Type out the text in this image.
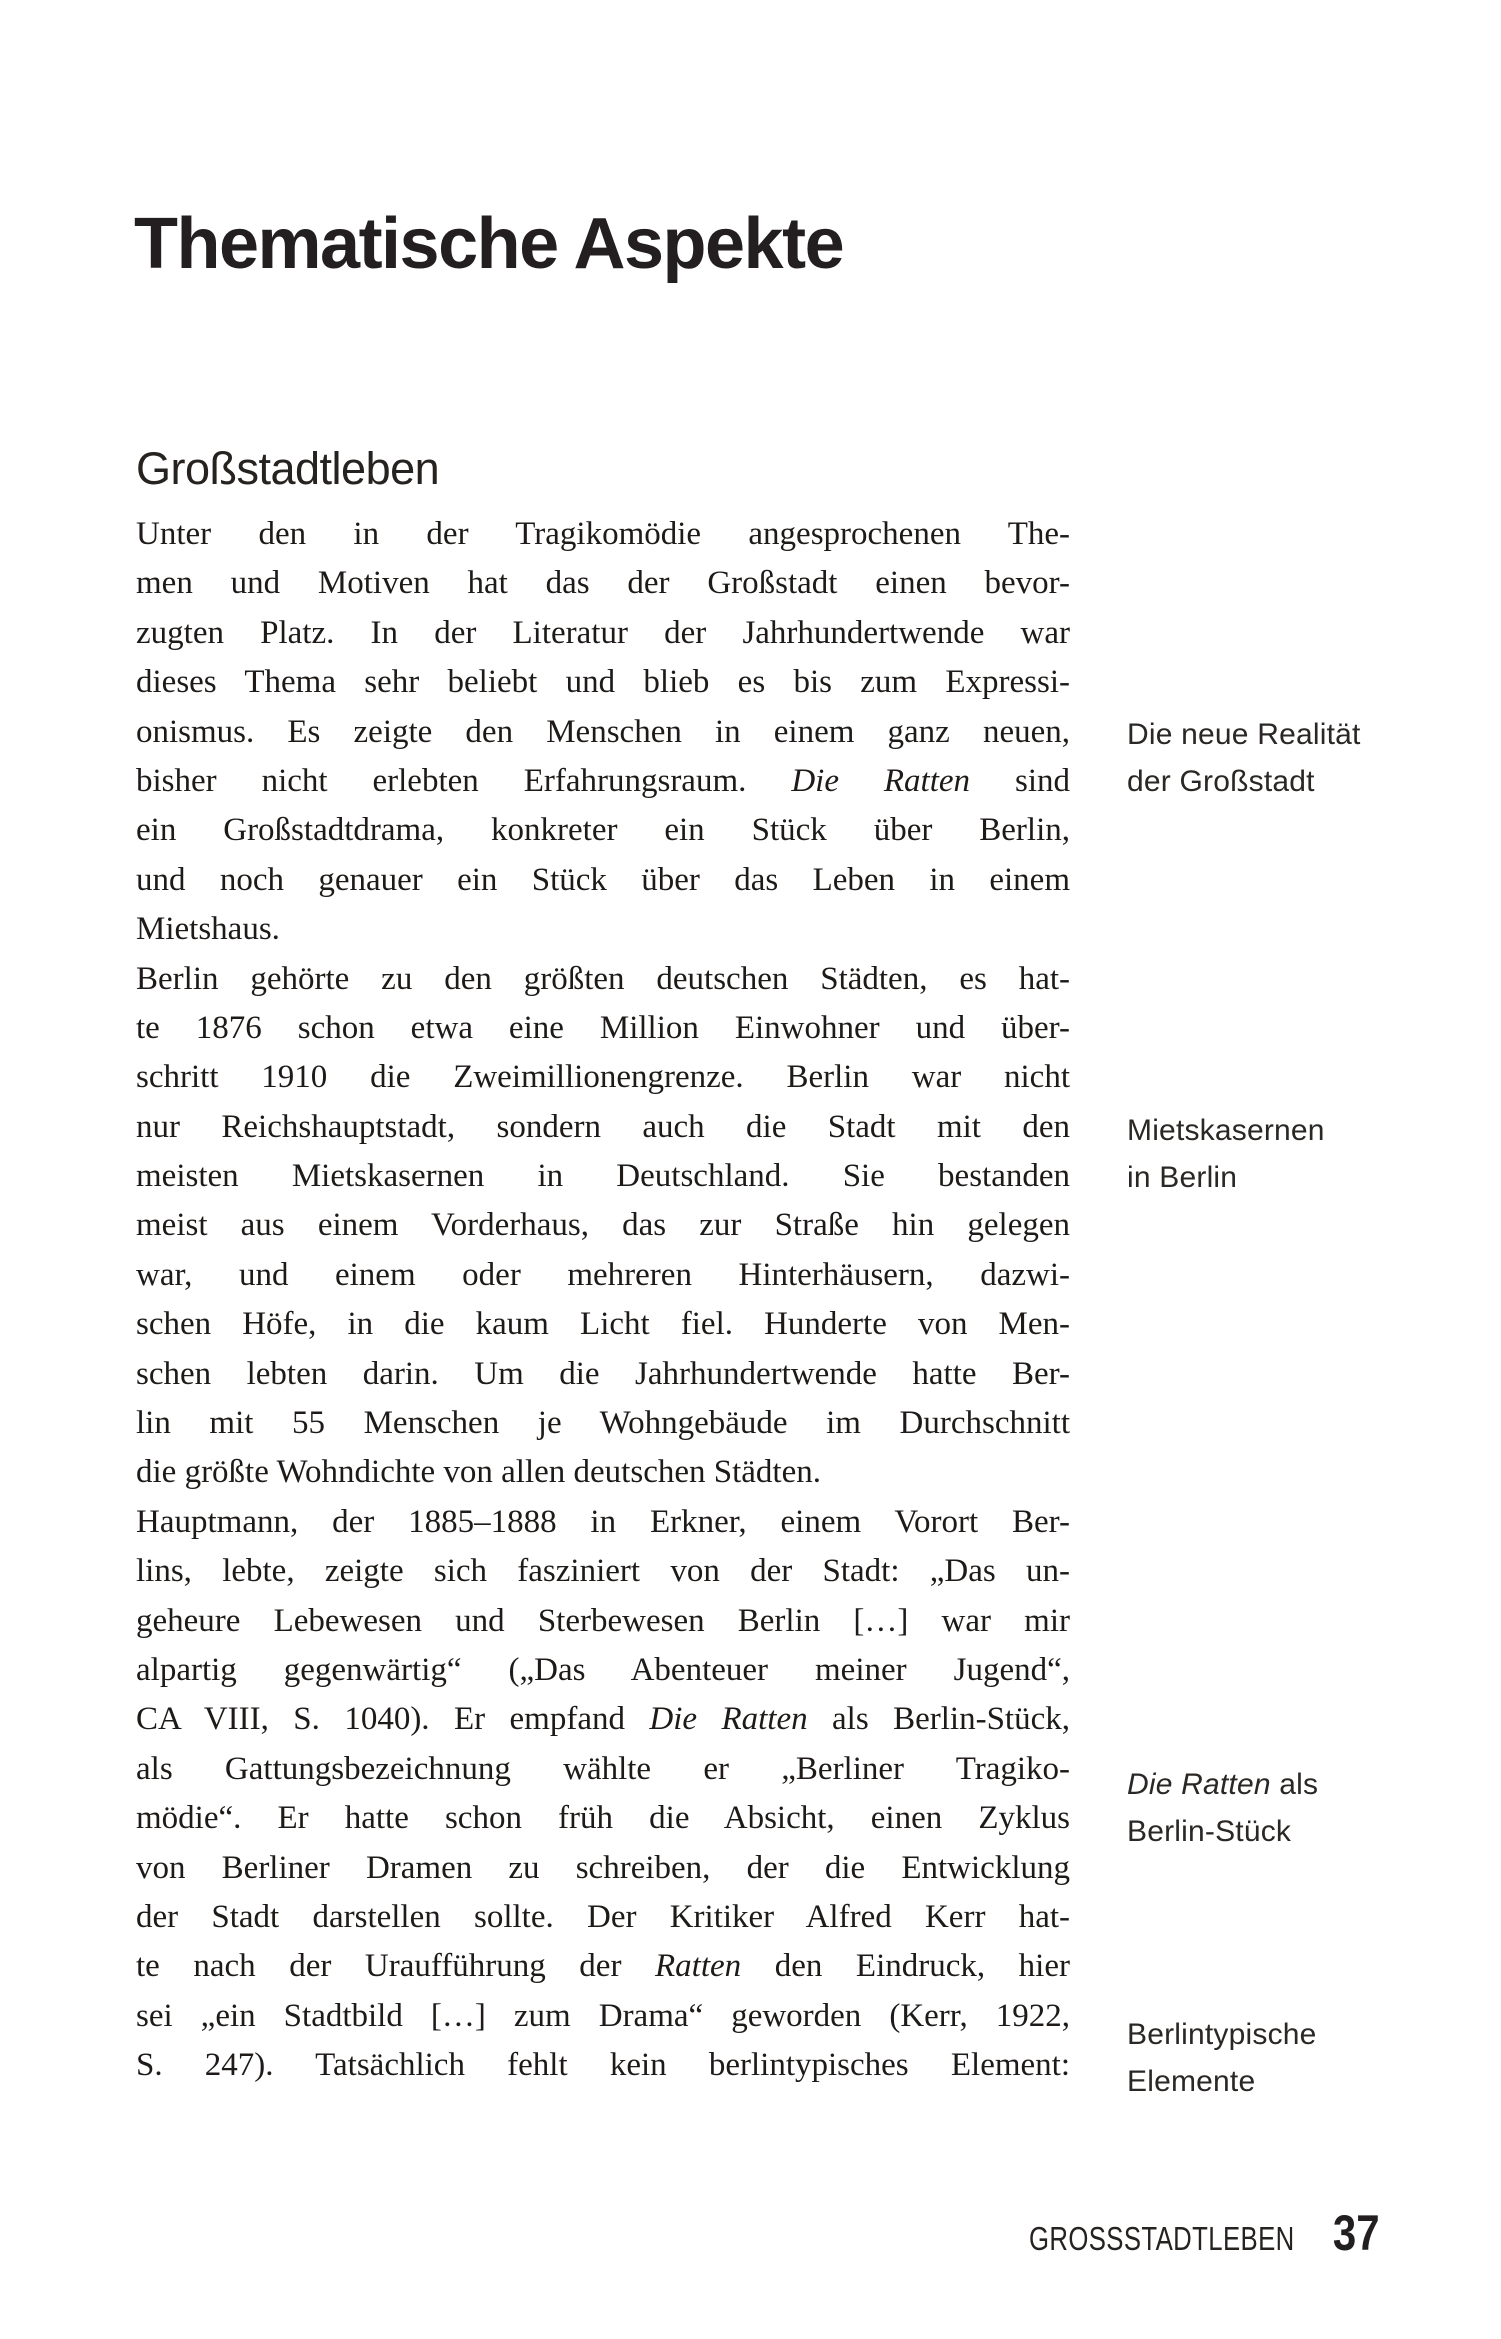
Thematische Aspekte
Großstadtleben
Unter den in der Tragikomödie angesprochenen The-
men und Motiven hat das der Großstadt einen bevor-
zugten Platz. In der Literatur der Jahrhundertwende war
dieses Thema sehr beliebt und blieb es bis zum Expressi-
onismus. Es zeigte den Menschen in einem ganz neuen,
bisher nicht erlebten Erfahrungsraum. Die Ratten sind
ein Großstadtdrama, konkreter ein Stück über Berlin,
und noch genauer ein Stück über das Leben in einem
Mietshaus.
Berlin gehörte zu den größten deutschen Städten, es hat-
te 1876 schon etwa eine Million Einwohner und über-
schritt 1910 die Zweimillionengrenze. Berlin war nicht
nur Reichshauptstadt, sondern auch die Stadt mit den
meisten Mietskasernen in Deutschland. Sie bestanden
meist aus einem Vorderhaus, das zur Straße hin gelegen
war, und einem oder mehreren Hinterhäusern, dazwi-
schen Höfe, in die kaum Licht fiel. Hunderte von Men-
schen lebten darin. Um die Jahrhundertwende hatte Ber-
lin mit 55 Menschen je Wohngebäude im Durchschnitt
die größte Wohndichte von allen deutschen Städten.
Hauptmann, der 1885–1888 in Erkner, einem Vorort Ber-
lins, lebte, zeigte sich fasziniert von der Stadt: „Das un-
geheure Lebewesen und Sterbewesen Berlin […] war mir
alpartig gegenwärtig“ („Das Abenteuer meiner Jugend“,
CA VIII, S. 1040). Er empfand Die Ratten als Berlin-Stück,
als Gattungsbezeichnung wählte er „Berliner Tragiko-
mödie“. Er hatte schon früh die Absicht, einen Zyklus
von Berliner Dramen zu schreiben, der die Entwicklung
der Stadt darstellen sollte. Der Kritiker Alfred Kerr hat-
te nach der Uraufführung der Ratten den Eindruck, hier
sei „ein Stadtbild […] zum Drama“ geworden (Kerr, 1922,
S. 247). Tatsächlich fehlt kein berlintypisches Element:
Die neue Realität
der Großstadt
Mietskasernen
in Berlin
Die Ratten als
Berlin-Stück
Berlintypische
Elemente
GROSSSTADTLEBEN 37
